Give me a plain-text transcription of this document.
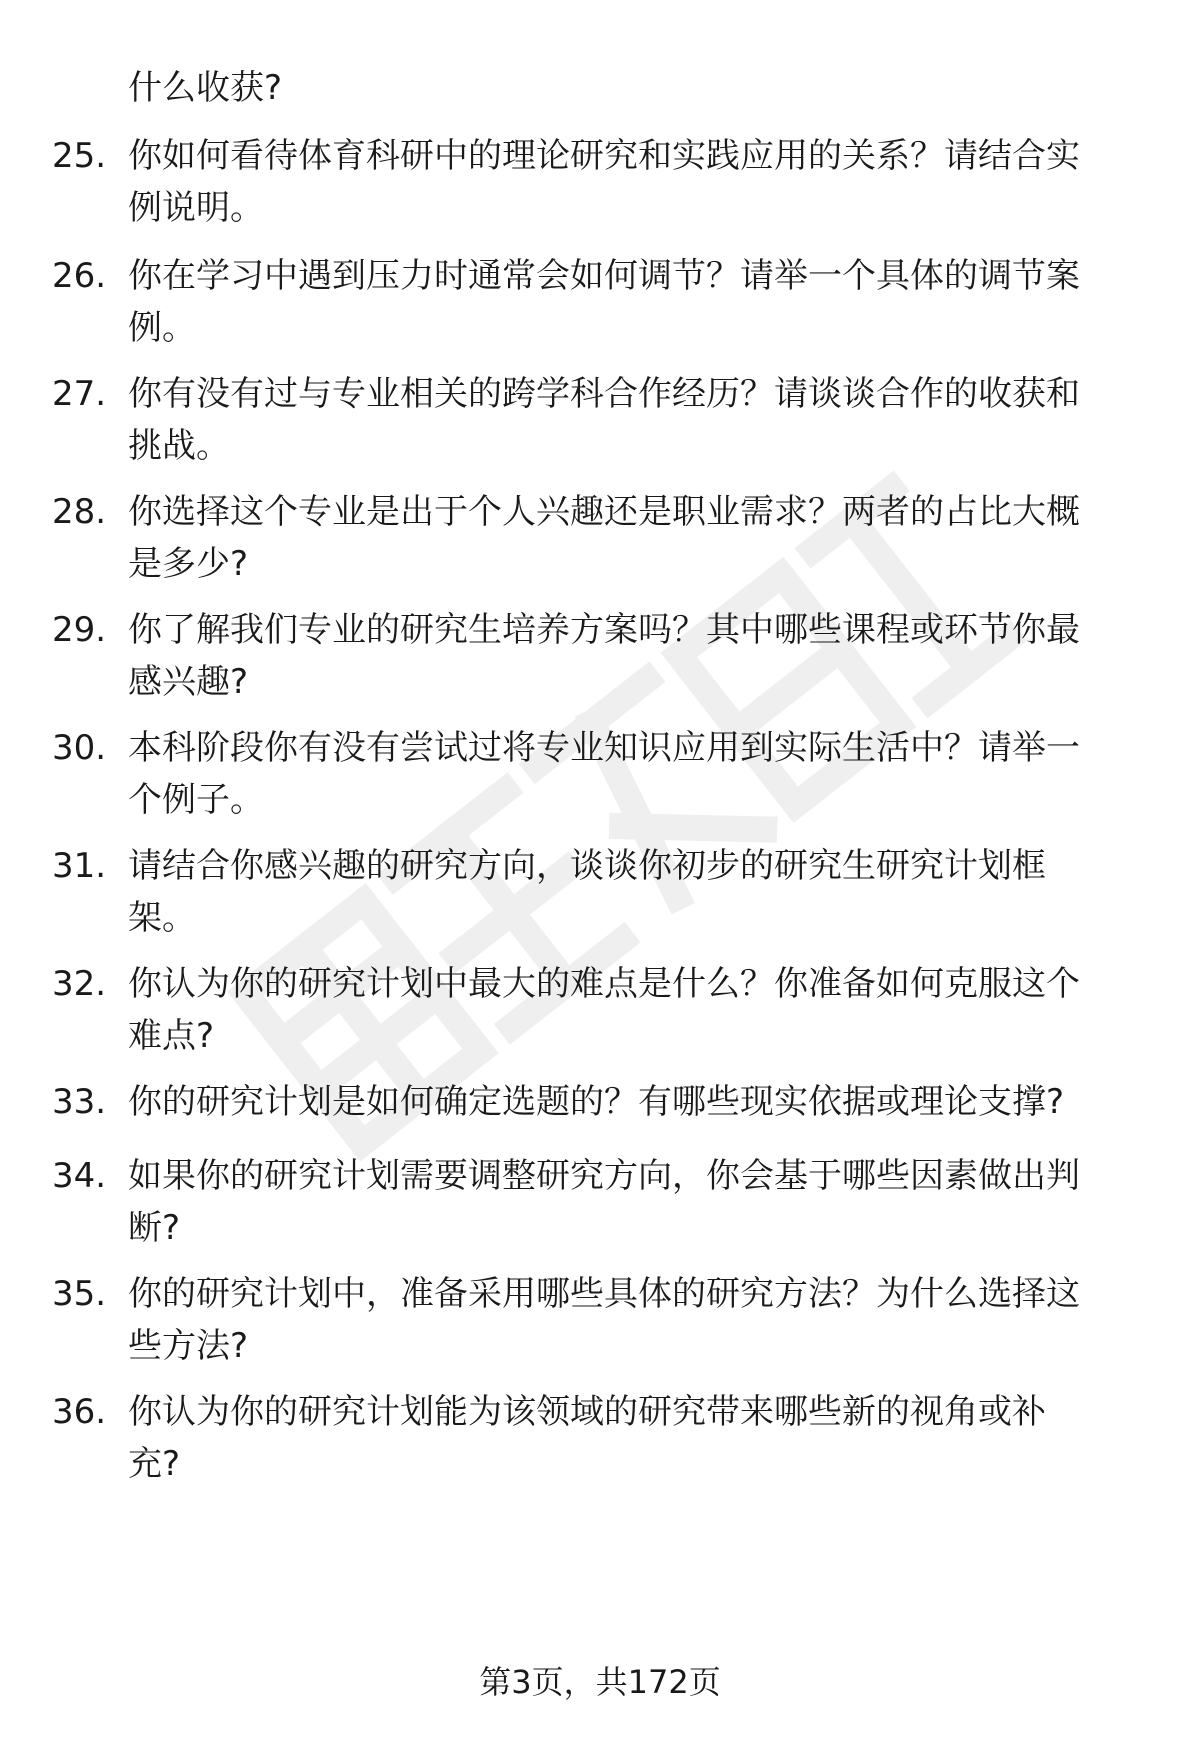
什么收获?
25. 你如何看待体育科研中的理论研究和实践应用的关系？请结合实
例说明。
26. 你在学习中遇到压力时通常会如何调节？请举一个具体的调节案
例。
27. 你有没有过与专业相关的跨学科合作经历？请谈谈合作的收获和
挑战。
28. 你选择这个专业是出于个人兴趣还是职业需求？两者的占比大概
是多少?
29. 你了解我们专业的研究生培养方案吗？其中哪些课程或环节你最
感兴趣?
30. 本科阶段你有没有尝试过将专业知识应用到实际生活中？请举一
个例子。
31. 请结合你感兴趣的研究方向，谈谈你初步的研究生研究计划框
架。
32. 你认为你的研究计划中最大的难点是什么？你准备如何克服这个
难点?
33. 你的研究计划是如何确定选题的？有哪些现实依据或理论支撑?
34. 如果你的研究计划需要调整研究方向，你会基于哪些因素做出判
断?
35. 你的研究计划中，准备采用哪些具体的研究方法？为什么选择这
些方法?
36. 你认为你的研究计划能为该领域的研究带来哪些新的视角或补
充?
第3页，共172页
